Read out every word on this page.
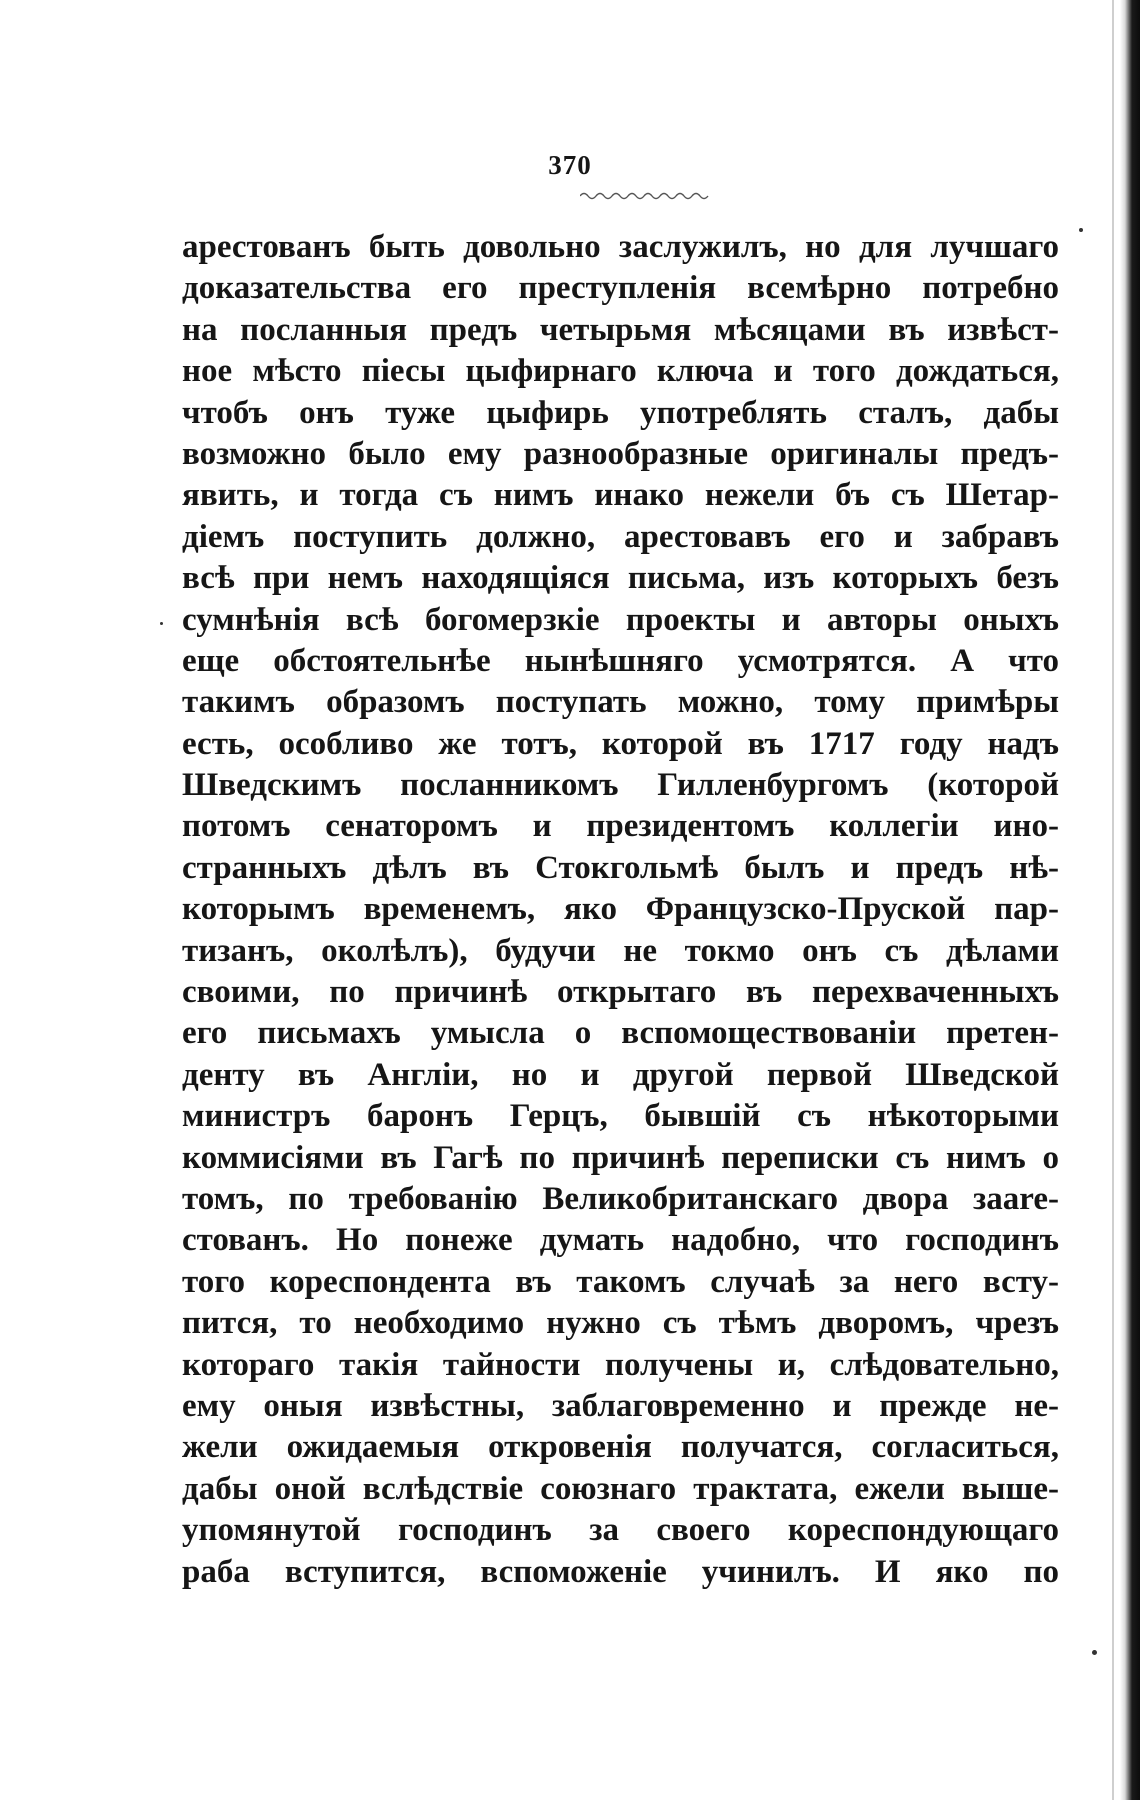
370
арестованъ быть довольно заслужилъ, но для лучшаго
доказательства его преступленія всемѣрно потребно
на посланныя предъ четырьмя мѣсяцами въ извѣст-
ное мѣсто піесы цыфирнаго ключа и того дождаться,
чтобъ онъ туже цыфирь употреблять сталъ, дабы
возможно было ему разнообразные оригиналы предъ-
явить, и тогда съ нимъ инако нежели бъ съ Шетар-
діемъ поступить должно, арестовавъ его и забравъ
всѣ при немъ находящіяся письма, изъ которыхъ безъ
сумнѣнія всѣ богомерзкіе проекты и авторы оныхъ
еще обстоятельнѣе нынѣшняго усмотрятся. А что
такимъ образомъ поступать можно, тому примѣры
есть, особливо же тотъ, которой въ 1717 году надъ
Шведскимъ посланникомъ Гилленбургомъ (которой
потомъ сенаторомъ и президентомъ коллегіи ино-
странныхъ дѣлъ въ Стокгольмѣ былъ и предъ нѣ-
которымъ временемъ, яко Французско-Пруской пар-
тизанъ, околѣлъ), будучи не токмо онъ съ дѣлами
своими, по причинѣ открытаго въ перехваченныхъ
его письмахъ умысла о вспомоществованіи претен-
денту въ Англіи, но и другой первой Шведской
министръ баронъ Герцъ, бывшій съ нѣкоторыми
коммисіями въ Гагѣ по причинѣ переписки съ нимъ о
томъ, по требованію Великобританскаго двора заare-
стованъ. Но понеже думать надобно, что господинъ
того кореспондента въ такомъ случаѣ за него всту-
пится, то необходимо нужно съ тѣмъ дворомъ, чрезъ
котораго такія тайности получены и, слѣдовательно,
ему оныя извѣстны, заблаговременно и прежде не-
жели ожидаемыя откровенія получатся, согласиться,
дабы оной вслѣдствіе союзнаго трактата, ежели выше-
упомянутой господинъ за своего кореспондующаго
раба вступится, вспоможеніе учинилъ. И яко по
